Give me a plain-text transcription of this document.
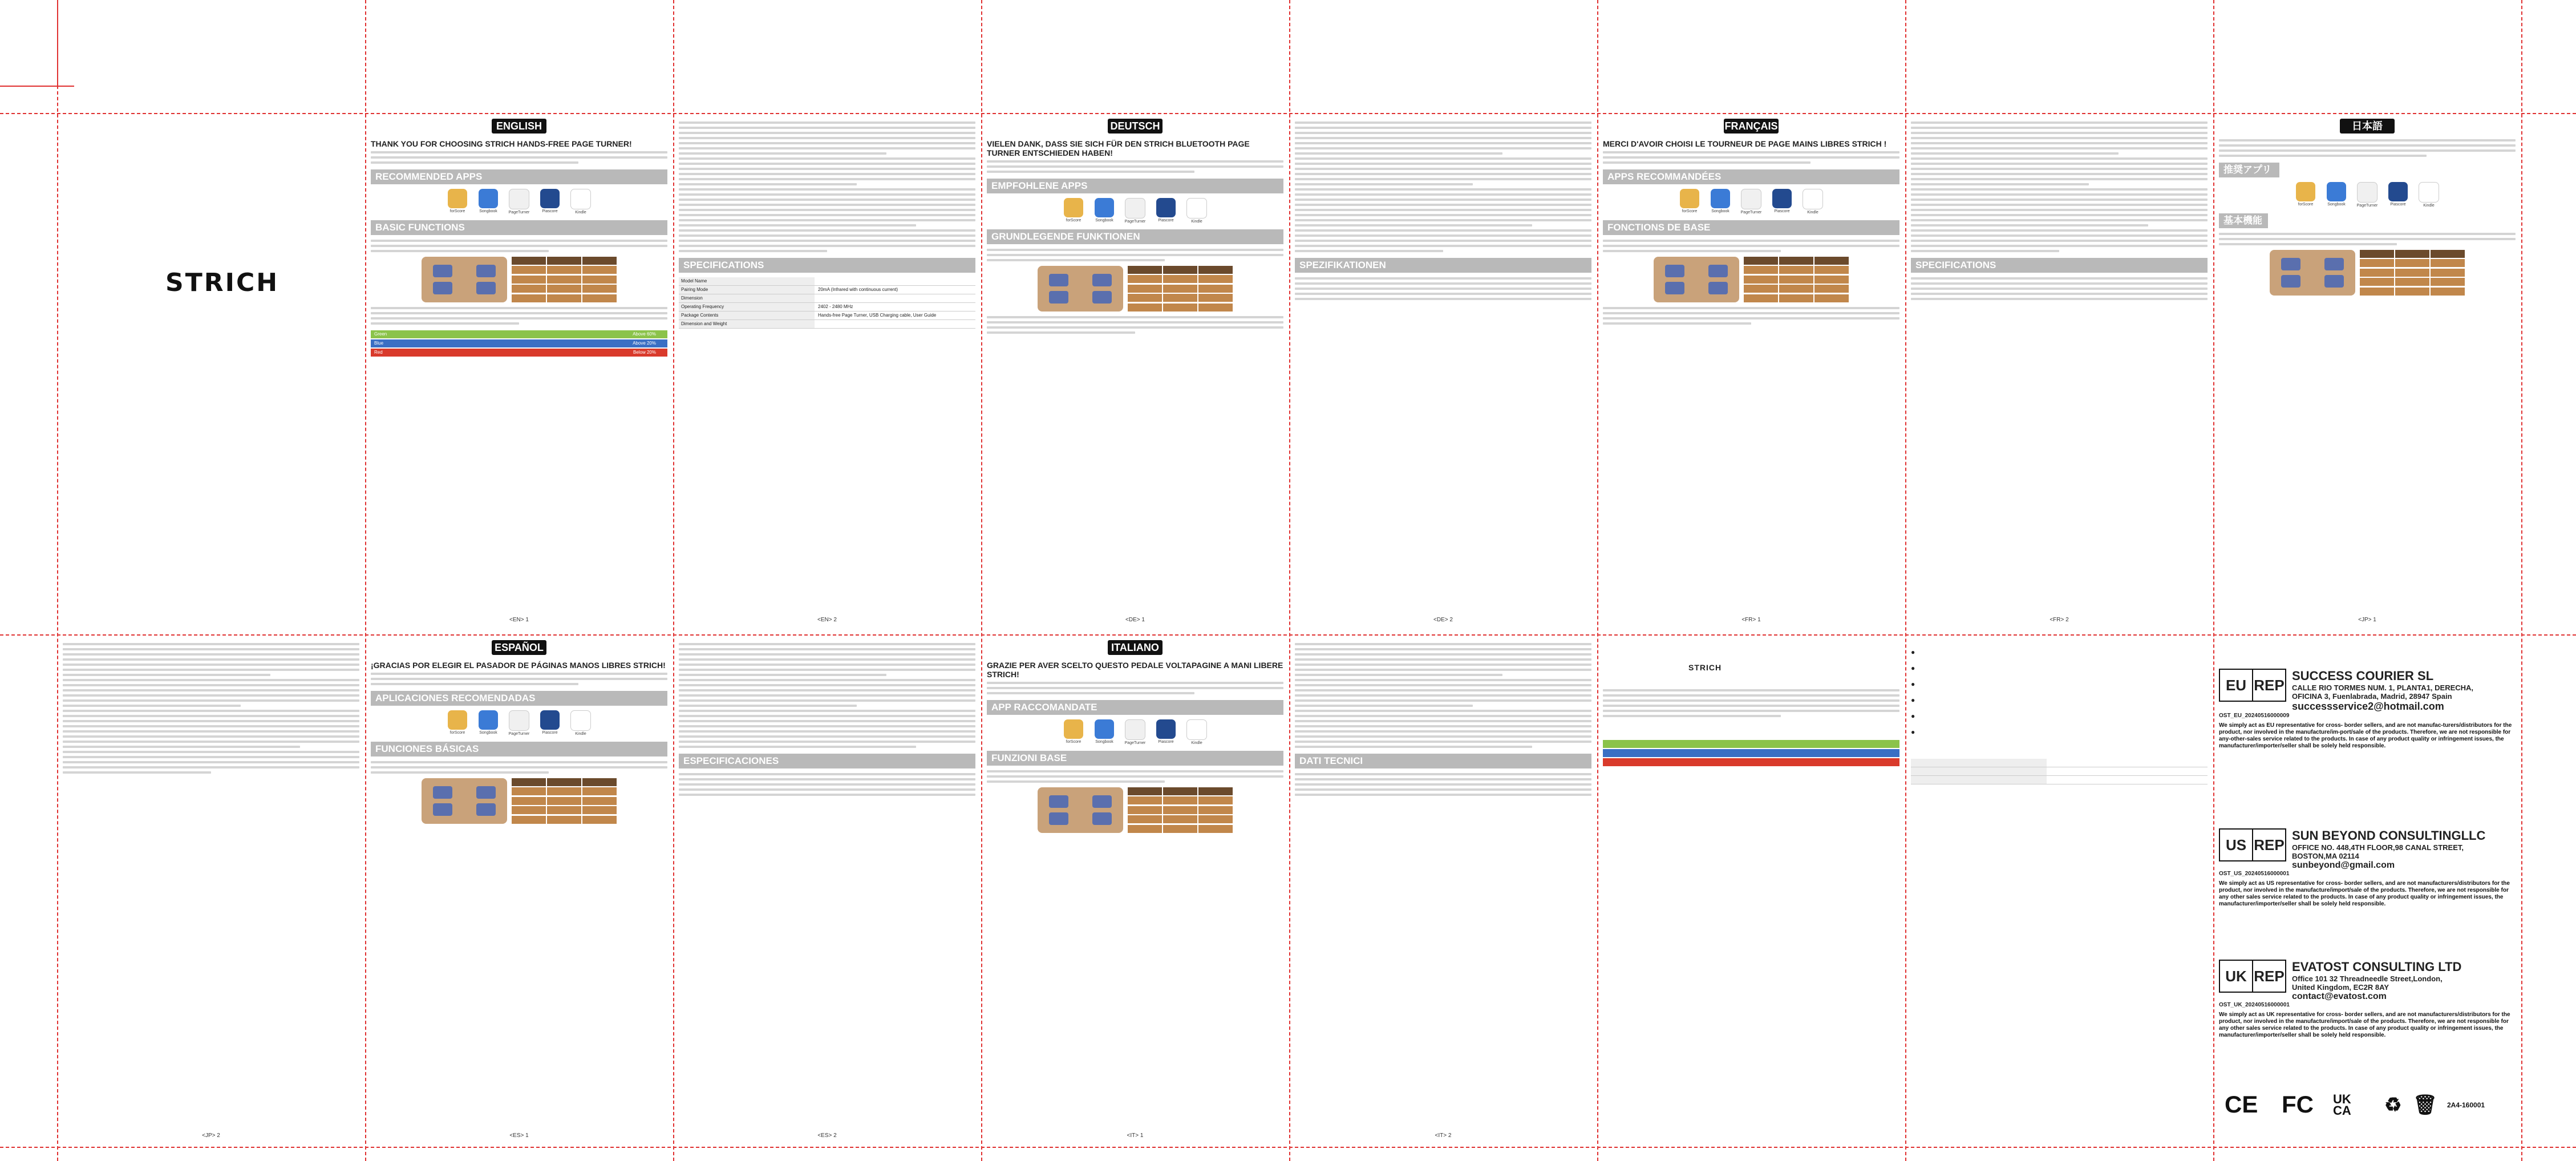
STRICH
ENGLISH
THANK YOU FOR CHOOSING STRICH HANDS-FREE PAGE TURNER!
RECOMMENDED APPS
forScore	Songbook	PageTurner	Piascore	Kindle
BASIC FUNCTIONS
Green	Above 60%
Blue	Above 20%
Red	Below 20%
<EN> 1
SPECIFICATIONS
Model Name
Pairing Mode	20mA (Infrared with continuous current)
Dimension
Operating Frequency	2402 - 2480 MHz
Package Contents	Hands-free Page Turner, USB Charging cable, User Guide
Dimension and Weight
<EN> 2
DEUTSCH
VIELEN DANK, DASS SIE SICH FÜR DEN STRICH BLUETOOTH PAGE TURNER ENTSCHIEDEN HABEN!
EMPFOHLENE APPS
forScore	Songbook	PageTurner	Piascore	Kindle
GRUNDLEGENDE FUNKTIONEN
<DE> 1
SPEZIFIKATIONEN
<DE> 2
FRANÇAIS
MERCI D'AVOIR CHOISI LE TOURNEUR DE PAGE MAINS LIBRES STRICH !
APPS RECOMMANDÉES
forScore	Songbook	PageTurner	Piascore	Kindle
FONCTIONS DE BASE
<FR> 1
SPECIFICATIONS
<FR> 2
日本語
推奨アプリ
forScore	Songbook	PageTurner	Piascore	Kindle
基本機能
<JP> 1
<JP> 2
ESPAÑOL
¡GRACIAS POR ELEGIR EL PASADOR DE PÁGINAS MANOS LIBRES STRICH!
APLICACIONES RECOMENDADAS
forScore	Songbook	PageTurner	Piascore	Kindle
FUNCIONES BÁSICAS
<ES> 1
ESPECIFICACIONES
<ES> 2
ITALIANO
GRAZIE PER AVER SCELTO QUESTO PEDALE VOLTAPAGINE A MANI LIBERE STRICH!
APP RACCOMANDATE
forScore	Songbook	PageTurner	Piascore	Kindle
FUNZIONI BASE
<IT> 1
DATI TECNICI
<IT> 2
STRICH
●
●
●
●
●
●
EU REP
SUCCESS COURIER SL
CALLE RIO TORMES NUM. 1, PLANTA1, DERECHA,
OFICINA 3, Fuenlabrada, Madrid, 28947 Spain
successservice2@hotmail.com
OST_EU_20240516000009
We simply act as EU representative for cross- border sellers, and are not manufac-turers/distributors for the product, nor involved in the manufacture/im-port/sale of the products. Therefore, we are not responsible for any-other-sales service related to the products. In case of any product quality or infringement issues, the manufacturer/importer/seller shall be solely held responsible.
US REP
SUN BEYOND CONSULTINGLLC
OFFICE NO. 448,4TH FLOOR,98 CANAL STREET,
BOSTON,MA 02114
sunbeyond@gmail.com
OST_US_20240516000001
We simply act as US representative for cross- border sellers, and are not manufacturers/distributors for the product, nor involved in the manufacture/import/sale of the products. Therefore, we are not responsible for any other sales service related to the products. In case of any product quality or infringement issues, the manufacturer/importer/seller shall be solely held responsible.
UK REP
EVATOST CONSULTING LTD
Office 101 32 Threadneedle Street,London,
United Kingdom, EC2R 8AY
contact@evatost.com
OST_UK_20240516000001
We simply act as UK representative for cross- border sellers, and are not manufacturers/distributors for the product, nor involved in the manufacture/import/sale of the products. Therefore, we are not responsible for any other sales service related to the products. In case of any product quality or infringement issues, the manufacturer/importer/seller shall be solely held responsible.
CE FC UK CA	♻ 🗑 2A4-160001
